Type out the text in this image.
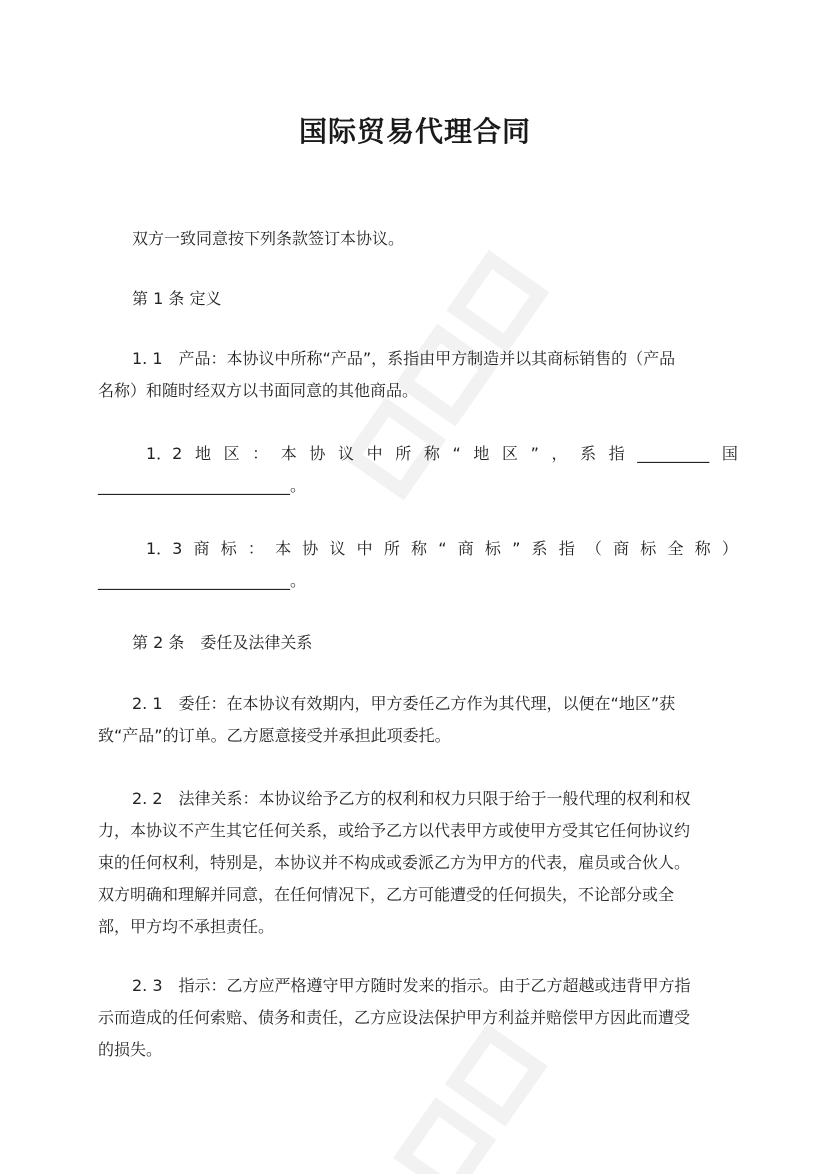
国际贸易代理合同
双方一致同意按下列条款签订本协议。
第 1 条 定义
1. 1　产品：本协议中所称“产品”，系指由甲方制造并以其商标销售的（产品
名称）和随时经双方以书面同意的其他商品。
1．2 地 区 ： 本 协 议 中 所 称 “ 地 区 ” ， 系 指 _________ 国
________________________。
1．3 商 标 ： 本 协 议 中 所 称 “ 商 标 ” 系 指 （ 商 标 全 称 ）
________________________。
第 2 条　委任及法律关系
2. 1　委任：在本协议有效期内，甲方委任乙方作为其代理，以便在“地区”获
致“产品”的订单。乙方愿意接受并承担此项委托。
2. 2　法律关系：本协议给予乙方的权利和权力只限于给于一般代理的权利和权
力，本协议不产生其它任何关系，或给予乙方以代表甲方或使甲方受其它任何协议约
束的任何权利，特别是，本协议并不构成或委派乙方为甲方的代表，雇员或合伙人。
双方明确和理解并同意，在任何情况下，乙方可能遭受的任何损失，不论部分或全
部，甲方均不承担责任。
2. 3　指示：乙方应严格遵守甲方随时发来的指示。由于乙方超越或违背甲方指
示而造成的任何索赔、债务和责任，乙方应设法保护甲方利益并赔偿甲方因此而遭受
的损失。
